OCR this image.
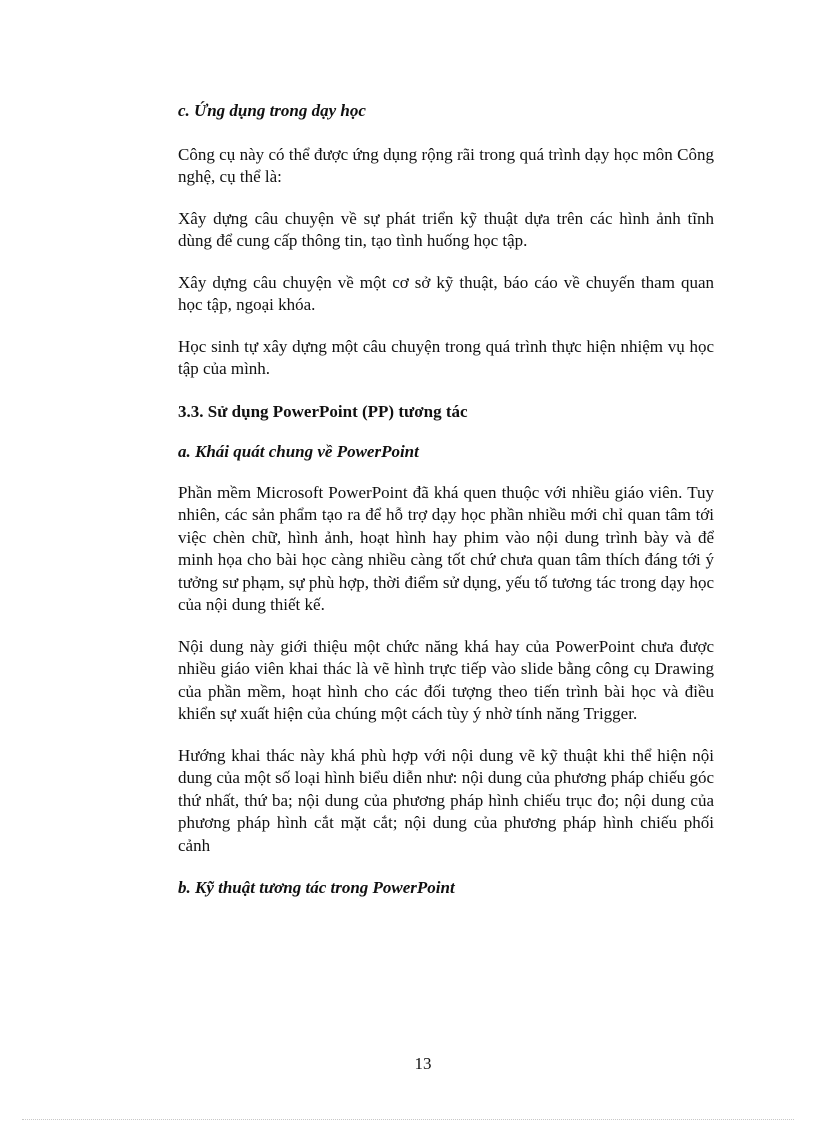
c. Ứng dụng trong dạy học

Công cụ này có thể được ứng dụng rộng rãi trong quá trình dạy học môn Công nghệ, cụ thể là:

Xây dựng câu chuyện về sự phát triển kỹ thuật dựa trên các hình ảnh tĩnh dùng để cung cấp thông tin, tạo tình huống học tập.

Xây dựng câu chuyện về một cơ sở kỹ thuật, báo cáo về chuyến tham quan học tập, ngoại khóa.

Học sinh tự xây dựng một câu chuyện trong quá trình thực hiện nhiệm vụ học tập của mình.

3.3. Sử dụng PowerPoint (PP) tương tác

a. Khái quát chung về PowerPoint

Phần mềm Microsoft PowerPoint đã khá quen thuộc với nhiều giáo viên. Tuy nhiên, các sản phẩm tạo ra để hỗ trợ dạy học phần nhiều mới chỉ quan tâm tới việc chèn chữ, hình ảnh, hoạt hình hay phim vào nội dung trình bày và để minh họa cho bài học càng nhiều càng tốt chứ chưa quan tâm thích đáng tới ý tưởng sư phạm, sự phù hợp, thời điểm sử dụng, yếu tố tương tác trong dạy học của nội dung thiết kế.

Nội dung này giới thiệu một chức năng khá hay của PowerPoint chưa được nhiều giáo viên khai thác là vẽ hình trực tiếp vào slide bằng công cụ Drawing của phần mềm, hoạt hình cho các đối tượng theo tiến trình bài học và điều khiển sự xuất hiện của chúng một cách tùy ý nhờ tính năng Trigger.

Hướng khai thác này khá phù hợp với nội dung vẽ kỹ thuật khi thể hiện nội dung của một số loại hình biểu diễn như: nội dung của phương pháp chiếu góc thứ nhất, thứ ba; nội dung của phương pháp hình chiếu trục đo; nội dung của phương pháp hình cắt mặt cắt; nội dung của phương pháp hình chiếu phối cảnh

b. Kỹ thuật tương tác trong PowerPoint

13
